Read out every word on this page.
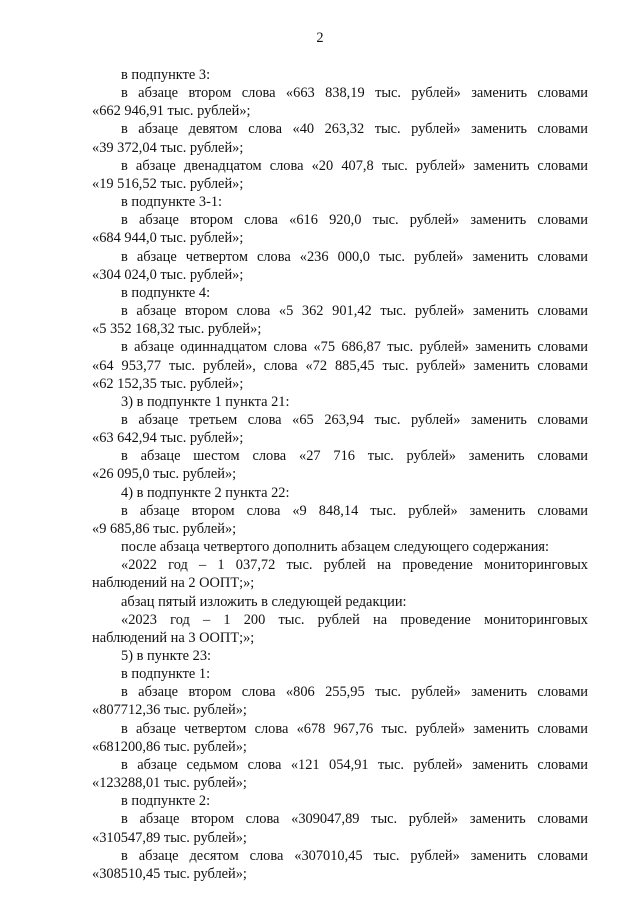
2
в подпункте 3:
в абзаце втором слова «663 838,19 тыс. рублей» заменить словами
«662 946,91 тыс. рублей»;
в абзаце девятом слова «40 263,32 тыс. рублей» заменить словами
«39 372,04 тыс. рублей»;
в абзаце двенадцатом слова «20 407,8 тыс. рублей» заменить словами
«19 516,52 тыс. рублей»;
в подпункте 3-1:
в абзаце втором слова «616 920,0 тыс. рублей» заменить словами
«684 944,0 тыс. рублей»;
в абзаце четвертом слова «236 000,0 тыс. рублей» заменить словами
«304 024,0 тыс. рублей»;
в подпункте 4:
в абзаце втором слова «5 362 901,42 тыс. рублей» заменить словами
«5 352 168,32 тыс. рублей»;
в абзаце одиннадцатом слова «75 686,87 тыс. рублей» заменить словами
«64 953,77 тыс. рублей», слова «72 885,45 тыс. рублей» заменить словами
«62 152,35 тыс. рублей»;
3) в подпункте 1 пункта 21:
в абзаце третьем слова «65 263,94 тыс. рублей» заменить словами
«63 642,94 тыс. рублей»;
в абзаце шестом слова «27 716 тыс. рублей» заменить словами
«26 095,0 тыс. рублей»;
4) в подпункте 2 пункта 22:
в абзаце втором слова «9 848,14 тыс. рублей» заменить словами
«9 685,86 тыс. рублей»;
после абзаца четвертого дополнить абзацем следующего содержания:
«2022 год – 1 037,72 тыс. рублей на проведение мониторинговых
наблюдений на 2 ООПТ;»;
абзац пятый изложить в следующей редакции:
«2023 год – 1 200 тыс. рублей на проведение мониторинговых
наблюдений на 3 ООПТ;»;
5) в пункте 23:
в подпункте 1:
в абзаце втором слова «806 255,95 тыс. рублей» заменить словами
«807712,36 тыс. рублей»;
в абзаце четвертом слова «678 967,76 тыс. рублей» заменить словами
«681200,86 тыс. рублей»;
в абзаце седьмом слова «121 054,91 тыс. рублей» заменить словами
«123288,01 тыс. рублей»;
в подпункте 2:
в абзаце втором слова «309047,89 тыс. рублей» заменить словами
«310547,89 тыс. рублей»;
в абзаце десятом слова «307010,45 тыс. рублей» заменить словами
«308510,45 тыс. рублей»;
